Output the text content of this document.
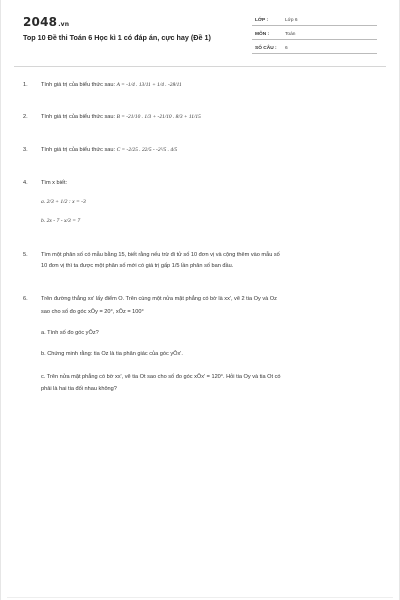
2048.vn
Top 10 Đề thi Toán 6 Học kì 1 có đáp án, cực hay (Đề 1)
LỚP :	Lớp 6
MÔN :	Toán
SỐ CÂU : 6
1. Tính giá trị của biểu thức sau: A = -1/4 . 13/11 + 1/4 . -28/11
2. Tính giá trị của biểu thức sau: B = -21/10 . 1/3 + -21/10 . 8/3 + 11/15
3. Tính giá trị của biểu thức sau: C = -2/25 . 22/5 - -2²/5 . 4/5
4. Tìm x biết:
a. 2/3 + 1/2 : x = -3
b. 2x - 7 - x/3 = 7
5. Tìm một phân số có mẫu bằng 15, biết rằng nếu trừ đi tử số 10 đơn vị và cộng thêm vào mẫu số
10 đơn vị thì ta được một phân số mới có giá trị gấp 1/5 lần phân số ban đầu.
6. Trên đường thẳng xx' lấy điểm O. Trên cùng một nửa mặt phẳng có bờ là xx', vẽ 2 tia Oy và Oz
sao cho số đo góc xÔy = 20°, xÔz = 100°
a. Tính số đo góc yÔz?
b. Chứng minh rằng: tia Oz là tia phân giác của góc yÔx'.
c. Trên nửa mặt phẳng có bờ xx', vẽ tia Ot sao cho số đo góc xÔx' = 120°. Hỏi tia Oy và tia Ot có
phải là hai tia đối nhau không?
